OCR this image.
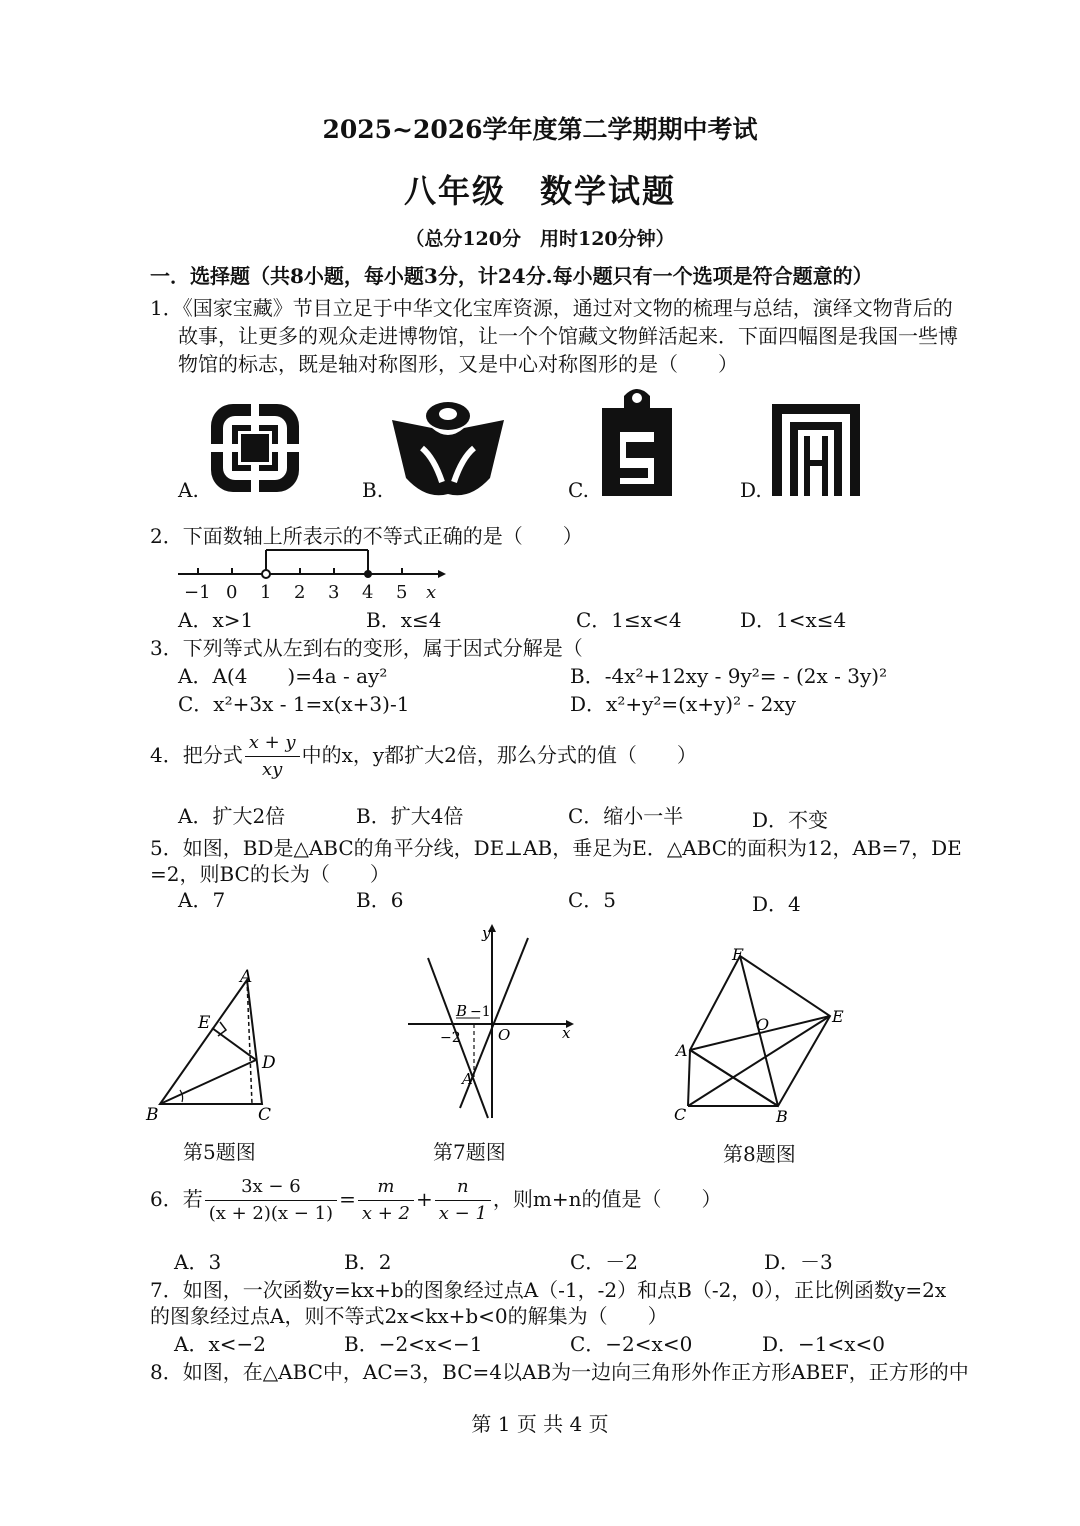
2025~2026学年度第二学期期中考试
八年级　数学试题
（总分120分　用时120分钟）
一．选择题（共8小题，每小题3分，计24分.每小题只有一个选项是符合题意的）
1．《国家宝藏》节目立足于中华文化宝库资源，通过对文物的梳理与总结，演绎文物背后的
故事，让更多的观众走进博物馆，让一个个馆藏文物鲜活起来．下面四幅图是我国一些博
物馆的标志，既是轴对称图形，又是中心对称图形的是（　　）
A.	B.	C.	D.
2．下面数轴上所表示的不等式正确的是（　　）
−1 0 1 2 3 4 5 x
A．x>1	B．x≤4	C．1≤x<4	D．1<x≤4
3．下列等式从左到右的变形，属于因式分解是（
A．A(4　　)=4a - ay²	B．-4x²+12xy - 9y²= - (2x - 3y)²
C．x²+3x - 1=x(x+3)-1	D．x²+y²=(x+y)² - 2xy
4．把分式 $\frac{x + y}{xy}$ 中的x，y都扩大2倍，那么分式的值（　　）
A．扩大2倍	B．扩大4倍	C．缩小一半	D．不变
5．如图，BD是△ABC的角平分线，DE⊥AB，垂足为E．△ABC的面积为12，AB=7，DE
=2，则BC的长为（　　）
A．7	B．6	C．5	D．4
A
E
D
B	C
第5题图
y
x
B −1
−2 O
A
第7题图
F
E
O
A
C	B
第8题图
6．若 $\frac{3x - 6}{(x + 2)(x - 1)} = \frac{m}{x + 2} + \frac{n}{x - 1}$ ，则m+n的值是（　　）
A．3	B．2	C．－2	D．－3
7．如图，一次函数y=kx+b的图象经过点A（-1，-2）和点B（-2，0），正比例函数y=2x
的图象经过点A，则不等式2x<kx+b<0的解集为（　　）
A．x<−2	B．−2<x<−1	C．−2<x<0	D．−1<x<0
8．如图，在△ABC中，AC=3，BC=4以AB为一边向三角形外作正方形ABEF，正方形的中
第 1 页 共 4 页
